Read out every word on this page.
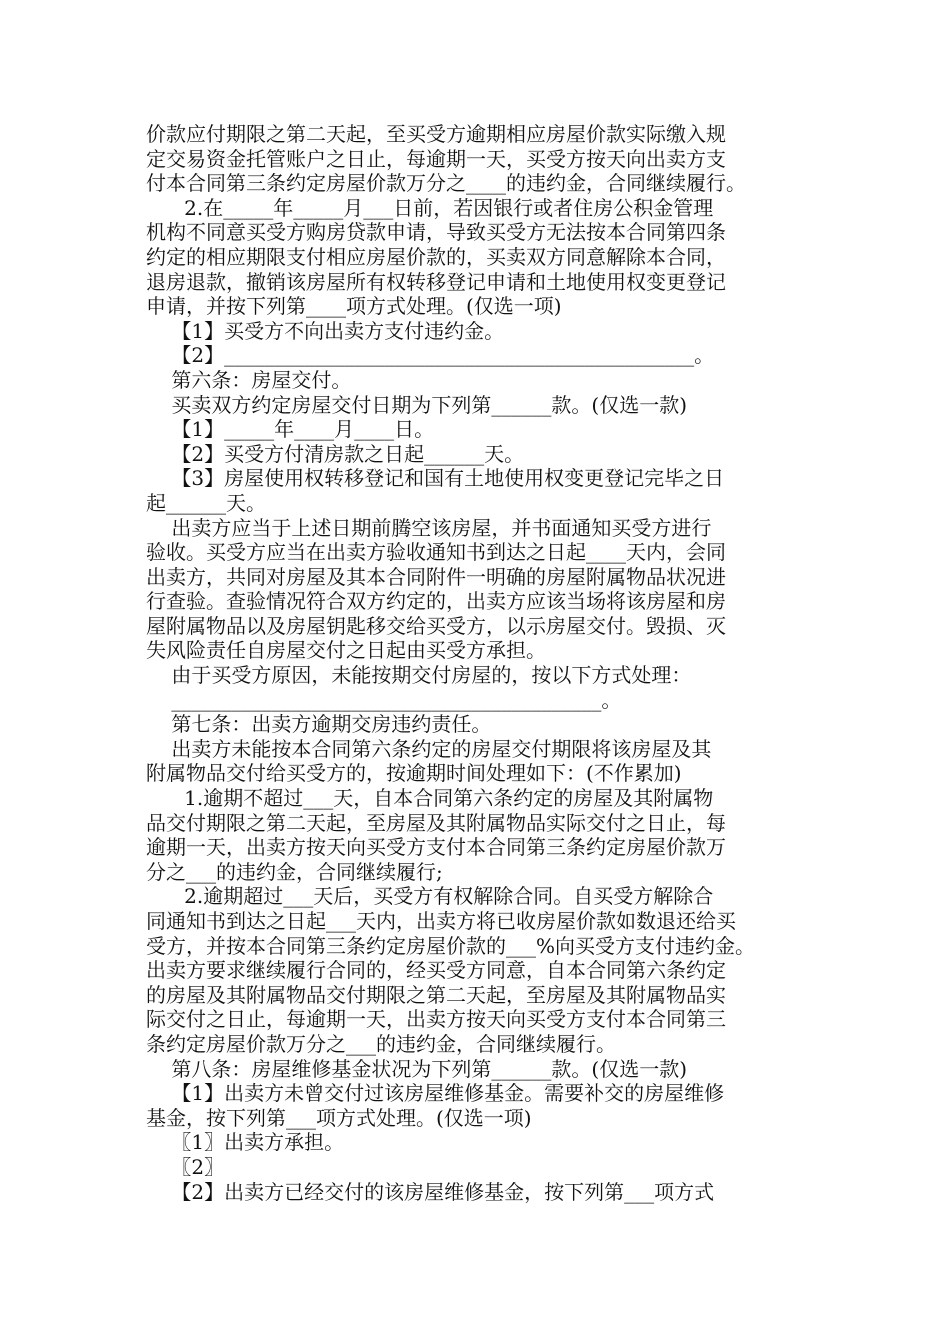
价款应付期限之第二天起，至买受方逾期相应房屋价款实际缴入规
定交易资金托管账户之日止，每逾期一天，买受方按天向出卖方支
付本合同第三条约定房屋价款万分之____的违约金，合同继续履行。
2.在_____年_____月___日前，若因银行或者住房公积金管理
机构不同意买受方购房贷款申请，导致买受方无法按本合同第四条
约定的相应期限支付相应房屋价款的，买卖双方同意解除本合同，
退房退款，撤销该房屋所有权转移登记申请和土地使用权变更登记
申请，并按下列第____项方式处理。(仅选一项)
【1】买受方不向出卖方支付违约金。
【2】_______________________________________________。
第六条：房屋交付。
买卖双方约定房屋交付日期为下列第______款。(仅选一款)
【1】_____年____月____日。
【2】买受方付清房款之日起______天。
【3】房屋使用权转移登记和国有土地使用权变更登记完毕之日
起______天。
出卖方应当于上述日期前腾空该房屋，并书面通知买受方进行
验收。买受方应当在出卖方验收通知书到达之日起____天内，会同
出卖方，共同对房屋及其本合同附件一明确的房屋附属物品状况进
行查验。查验情况符合双方约定的，出卖方应该当场将该房屋和房
屋附属物品以及房屋钥匙移交给买受方，以示房屋交付。毁损、灭
失风险责任自房屋交付之日起由买受方承担。
由于买受方原因，未能按期交付房屋的，按以下方式处理：
___________________________________________。
第七条：出卖方逾期交房违约责任。
出卖方未能按本合同第六条约定的房屋交付期限将该房屋及其
附属物品交付给买受方的，按逾期时间处理如下：(不作累加)
1.逾期不超过___天，自本合同第六条约定的房屋及其附属物
品交付期限之第二天起，至房屋及其附属物品实际交付之日止，每
逾期一天，出卖方按天向买受方支付本合同第三条约定房屋价款万
分之___的违约金，合同继续履行;
2.逾期超过___天后，买受方有权解除合同。自买受方解除合
同通知书到达之日起___天内，出卖方将已收房屋价款如数退还给买
受方，并按本合同第三条约定房屋价款的___%向买受方支付违约金。
出卖方要求继续履行合同的，经买受方同意，自本合同第六条约定
的房屋及其附属物品交付期限之第二天起，至房屋及其附属物品实
际交付之日止，每逾期一天，出卖方按天向买受方支付本合同第三
条约定房屋价款万分之___的违约金，合同继续履行。
第八条：房屋维修基金状况为下列第______款。(仅选一款)
【1】出卖方未曾交付过该房屋维修基金。需要补交的房屋维修
基金，按下列第___项方式处理。(仅选一项)
〖1〗出卖方承担。
〖2〗
【2】出卖方已经交付的该房屋维修基金，按下列第___项方式
